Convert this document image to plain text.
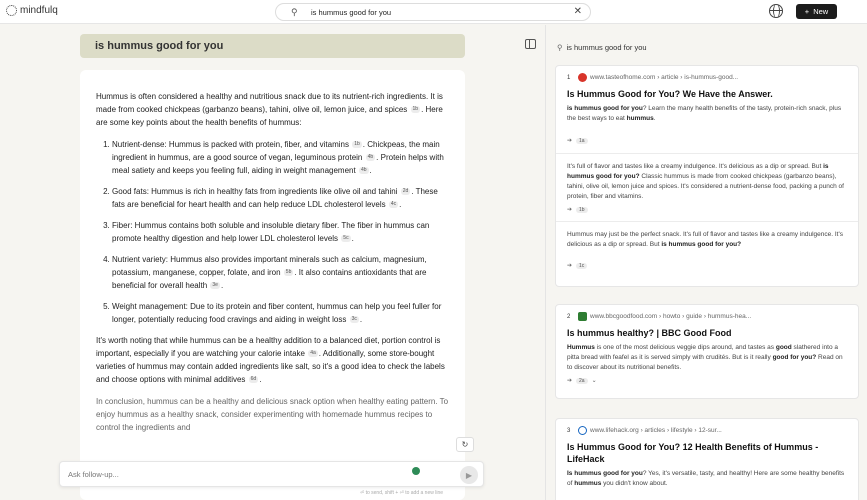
mindfulq	⚲ is hummus good for you	✕	+ New
is hummus good for you

Hummus is often considered a healthy and nutritious snack due to its nutrient-rich ingredients. It is made from cooked chickpeas (garbanzo beans), tahini, olive oil, lemon juice, and spices 1b . Here are some key points about the health benefits of hummus:

1. Nutrient-dense: Hummus is packed with protein, fiber, and vitamins 1b . Chickpeas, the main ingredient in hummus, are a good source of vegan, leguminous protein 4b . Protein helps with meal satiety and keeps you feeling full, aiding in weight management 4b .
2. Good fats: Hummus is rich in healthy fats from ingredients like olive oil and tahini 2d . These fats are beneficial for heart health and can help reduce LDL cholesterol levels 4c .
3. Fiber: Hummus contains both soluble and insoluble dietary fiber. The fiber in hummus can promote healthy digestion and help lower LDL cholesterol levels 5c .
4. Nutrient variety: Hummus also provides important minerals such as calcium, magnesium, potassium, manganese, copper, folate, and iron 5b . It also contains antioxidants that are beneficial for overall health 3e .
5. Weight management: Due to its protein and fiber content, hummus can help you feel fuller for longer, potentially reducing food cravings and aiding in weight loss 3c .

It's worth noting that while hummus can be a healthy addition to a balanced diet, portion control is important, especially if you are watching your calorie intake 4a . Additionally, some store-bought varieties of hummus may contain added ingredients like salt, so it's a good idea to check the labels and choose options with minimal additives 6d .

In conclusion, hummus can be a healthy and delicious snack option when healthy eating pattern. To enjoy hummus as a healthy snack, consider experimenting with homemade hummus recipes to control the ingredients and

↻
Ask follow-up...	▶
⏎ to send, shift + ⏎ to add a new line
⚲ is hummus good for you
1	www.tasteofhome.com › article › is-hummus-good...
Is Hummus Good for You? We Have the Answer.
is hummus good for you? Learn the many health benefits of the tasty, protein-rich snack, plus the best ways to eat hummus.
➔	1a
It's full of flavor and tastes like a creamy indulgence. It's delicious as a dip or spread. But is hummus good for you? Classic hummus is made from cooked chickpeas (garbanzo beans), tahini, olive oil, lemon juice and spices. It's considered a nutrient-dense food, packing a punch of protein, fiber and vitamins.
➔	1b
Hummus may just be the perfect snack. It's full of flavor and tastes like a creamy indulgence. It's delicious as a dip or spread. But is hummus good for you?
➔	1c
2	www.bbcgoodfood.com › howto › guide › hummus-hea...
Is hummus healthy? | BBC Good Food
Hummus is one of the most delicious veggie dips around, and tastes as good slathered into a pitta bread with feafel as it is served simply with crudités. But is it really good for you? Read on to discover about its nutritional benefits.
➔	2a	⌄
3	www.lifehack.org › articles › lifestyle › 12-sur...
Is Hummus Good for You? 12 Health Benefits of Hummus - LifeHack
Is hummus good for you? Yes, it's versatile, tasty, and healthy! Here are some healthy benefits of hummus you didn't know about.
